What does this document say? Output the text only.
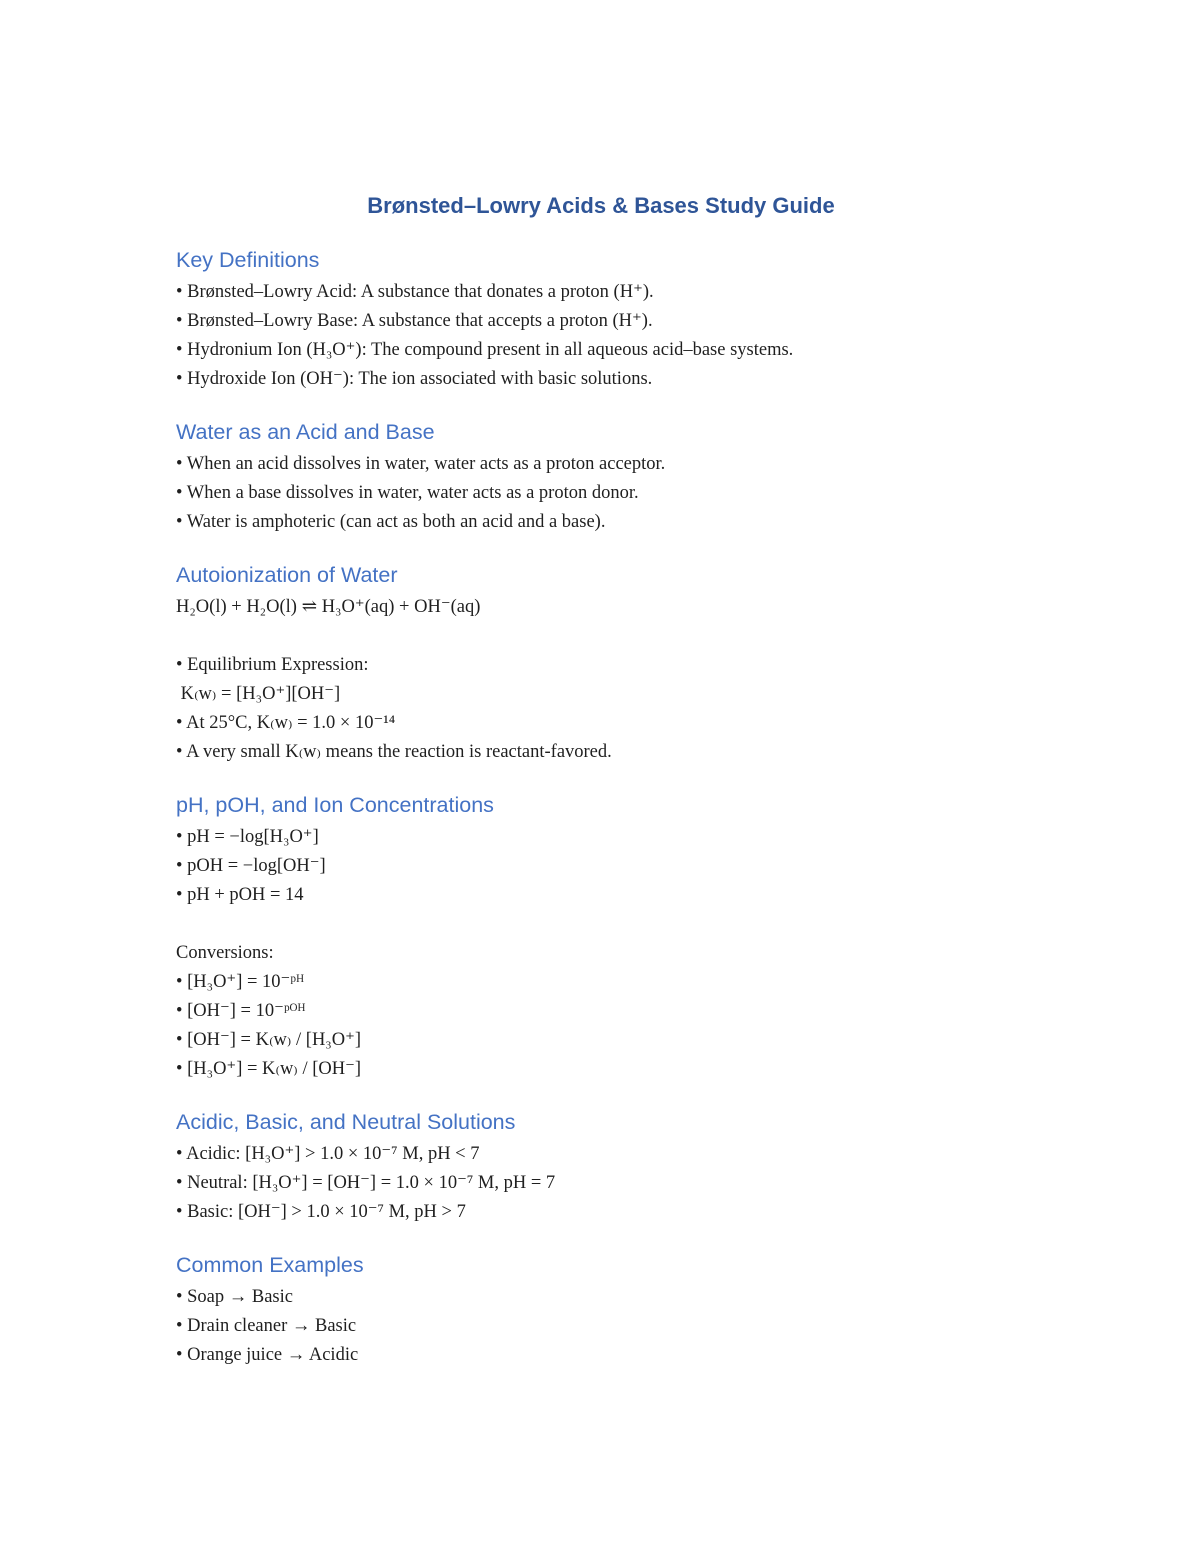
Brønsted–Lowry Acids & Bases Study Guide
Key Definitions

• Brønsted–Lowry Acid: A substance that donates a proton (H⁺).

• Brønsted–Lowry Base: A substance that accepts a proton (H⁺).

• Hydronium Ion (H₃O⁺): The compound present in all aqueous acid–base systems.

• Hydroxide Ion (OH⁻): The ion associated with basic solutions.

Water as an Acid and Base

• When an acid dissolves in water, water acts as a proton acceptor.

• When a base dissolves in water, water acts as a proton donor.

• Water is amphoteric (can act as both an acid and a base).

Autoionization of Water

H₂O(l) + H₂O(l) ⇌ H₃O⁺(aq) + OH⁻(aq)

• Equilibrium Expression:

K₍w₎ = [H₃O⁺][OH⁻]

• At 25°C, K₍w₎ = 1.0 × 10⁻¹⁴

• A very small K₍w₎ means the reaction is reactant-favored.

pH, pOH, and Ion Concentrations

• pH = −log[H₃O⁺]

• pOH = −log[OH⁻]

• pH + pOH = 14

Conversions:

• [H₃O⁺] = 10⁻ᵖᴴ

• [OH⁻] = 10⁻ᵖᴼᴴ

• [OH⁻] = K₍w₎ / [H₃O⁺]

• [H₃O⁺] = K₍w₎ / [OH⁻]

Acidic, Basic, and Neutral Solutions

• Acidic: [H₃O⁺] > 1.0 × 10⁻⁷ M, pH < 7

• Neutral: [H₃O⁺] = [OH⁻] = 1.0 × 10⁻⁷ M, pH = 7

• Basic: [OH⁻] > 1.0 × 10⁻⁷ M, pH > 7

Common Examples

• Soap → Basic

• Drain cleaner → Basic

• Orange juice → Acidic
